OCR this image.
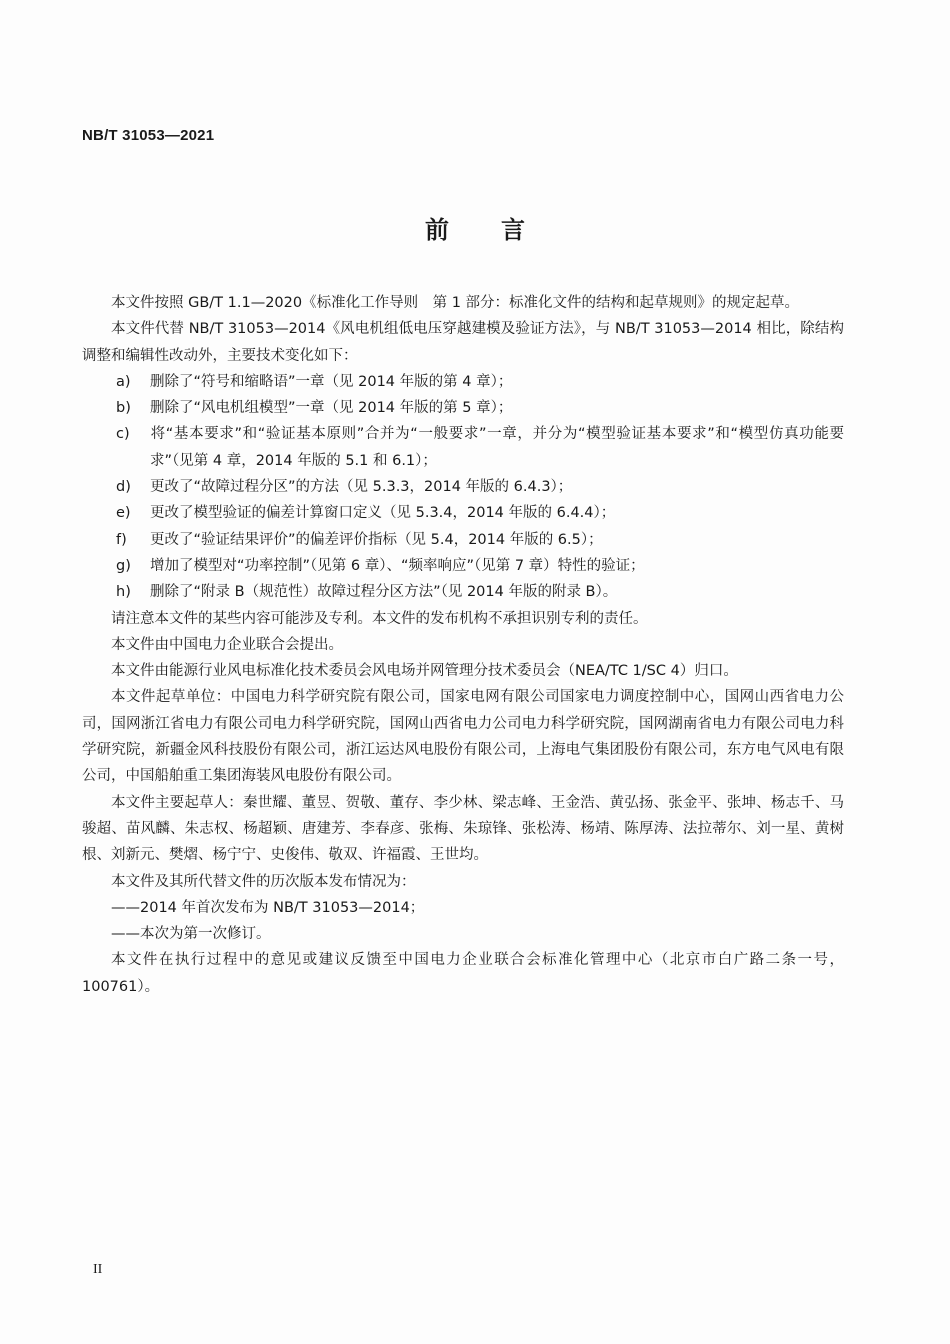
NB/T 31053—2021
前 言

本文件按照 GB/T 1.1—2020《标准化工作导则　第 1 部分：标准化文件的结构和起草规则》的规定起草。

本文件代替 NB/T 31053—2014《风电机组低电压穿越建模及验证方法》，与 NB/T 31053—2014 相比，除结构调整和编辑性改动外，主要技术变化如下：

a) 删除了“符号和缩略语”一章（见 2014 年版的第 4 章）；

b) 删除了“风电机组模型”一章（见 2014 年版的第 5 章）；

c) 将“基本要求”和“验证基本原则”合并为“一般要求”一章，并分为“模型验证基本要求”和“模型仿真功能要求”（见第 4 章，2014 年版的 5.1 和 6.1）；

d) 更改了“故障过程分区”的方法（见 5.3.3，2014 年版的 6.4.3）；

e) 更改了模型验证的偏差计算窗口定义（见 5.3.4，2014 年版的 6.4.4）；

f) 更改了“验证结果评价”的偏差评价指标（见 5.4，2014 年版的 6.5）；

g) 增加了模型对“功率控制”（见第 6 章）、“频率响应”（见第 7 章）特性的验证；

h) 删除了“附录 B（规范性）故障过程分区方法”（见 2014 年版的附录 B）。

请注意本文件的某些内容可能涉及专利。本文件的发布机构不承担识别专利的责任。

本文件由中国电力企业联合会提出。

本文件由能源行业风电标准化技术委员会风电场并网管理分技术委员会（NEA/TC 1/SC 4）归口。

本文件起草单位：中国电力科学研究院有限公司，国家电网有限公司国家电力调度控制中心，国网山西省电力公司，国网浙江省电力有限公司电力科学研究院，国网山西省电力公司电力科学研究院，国网湖南省电力有限公司电力科学研究院，新疆金风科技股份有限公司，浙江运达风电股份有限公司，上海电气集团股份有限公司，东方电气风电有限公司，中国船舶重工集团海装风电股份有限公司。

本文件主要起草人：秦世耀、董昱、贺敬、董存、李少林、梁志峰、王金浩、黄弘扬、张金平、张坤、杨志千、马骏超、苗风麟、朱志权、杨超颖、唐建芳、李春彦、张梅、朱琼锋、张松涛、杨靖、陈厚涛、法拉蒂尔、刘一星、黄树根、刘新元、樊熠、杨宁宁、史俊伟、敬双、许福霞、王世均。

本文件及其所代替文件的历次版本发布情况为：

——2014 年首次发布为 NB/T 31053—2014；

——本次为第一次修订。

本文件在执行过程中的意见或建议反馈至中国电力企业联合会标准化管理中心（北京市白广路二条一号，100761）。

II
